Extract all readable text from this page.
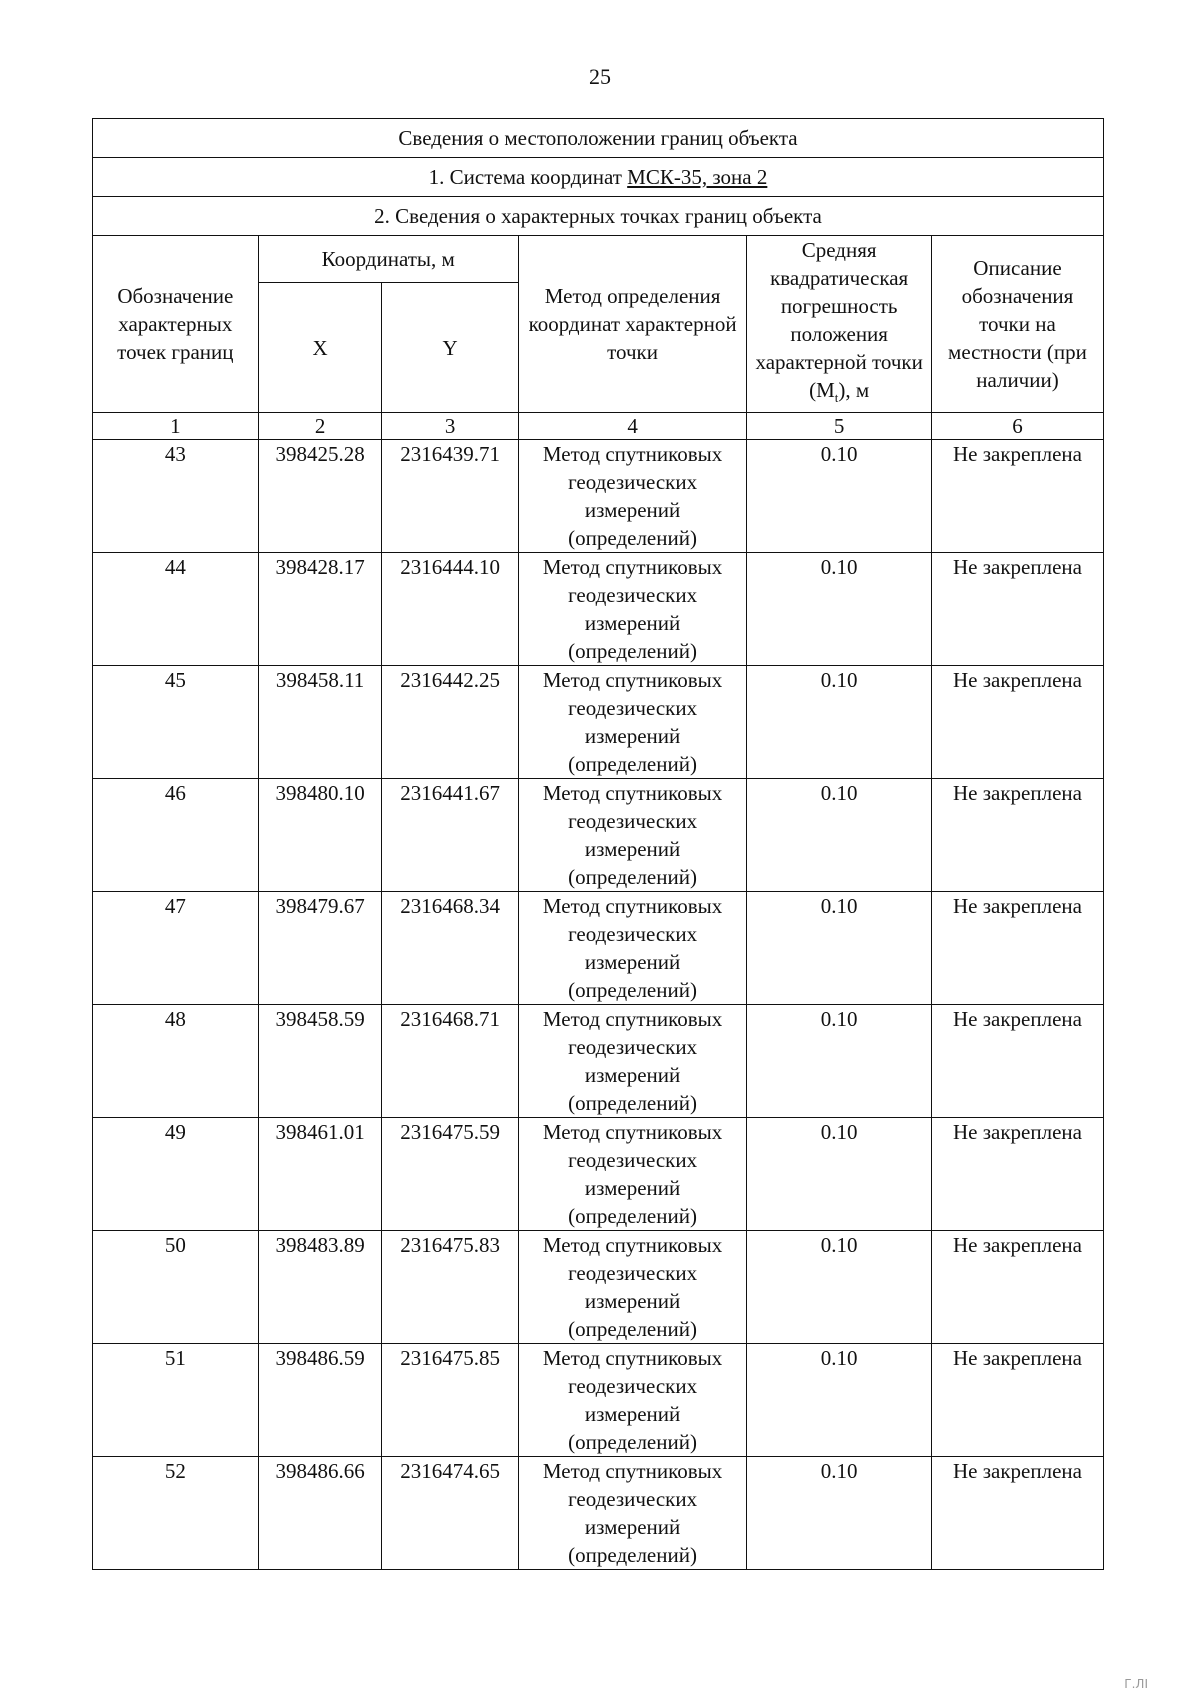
25
Сведения о местоположении границ объекта					
1. Система координат МСК-35, зона 2					
2. Сведения о характерных точках границ объекта					
Обозначение характерных точек границ	Координаты, м		Метод определения координат характерной точки	Средняя квадратическая погрешность положения характерной точки $(M_t)$, м	Описание обозначения точки на местности (при наличии)
	X	Y			
1	2	3	4	5	6
43	398425.28	2316439.71	Метод спутниковых геодезических измерений (определений)	0.10	Не закреплена
44	398428.17	2316444.10	Метод спутниковых геодезических измерений (определений)	0.10	Не закреплена
45	398458.11	2316442.25	Метод спутниковых геодезических измерений (определений)	0.10	Не закреплена
46	398480.10	2316441.67	Метод спутниковых геодезических измерений (определений)	0.10	Не закреплена
47	398479.67	2316468.34	Метод спутниковых геодезических измерений (определений)	0.10	Не закреплена
48	398458.59	2316468.71	Метод спутниковых геодезических измерений (определений)	0.10	Не закреплена
49	398461.01	2316475.59	Метод спутниковых геодезических измерений (определений)	0.10	Не закреплена
50	398483.89	2316475.83	Метод спутниковых геодезических измерений (определений)	0.10	Не закреплена
51	398486.59	2316475.85	Метод спутниковых геодезических измерений (определений)	0.10	Не закреплена
52	398486.66	2316474.65	Метод спутниковых геодезических измерений (определений)	0.10	Не закреплена
Г.ЛI
